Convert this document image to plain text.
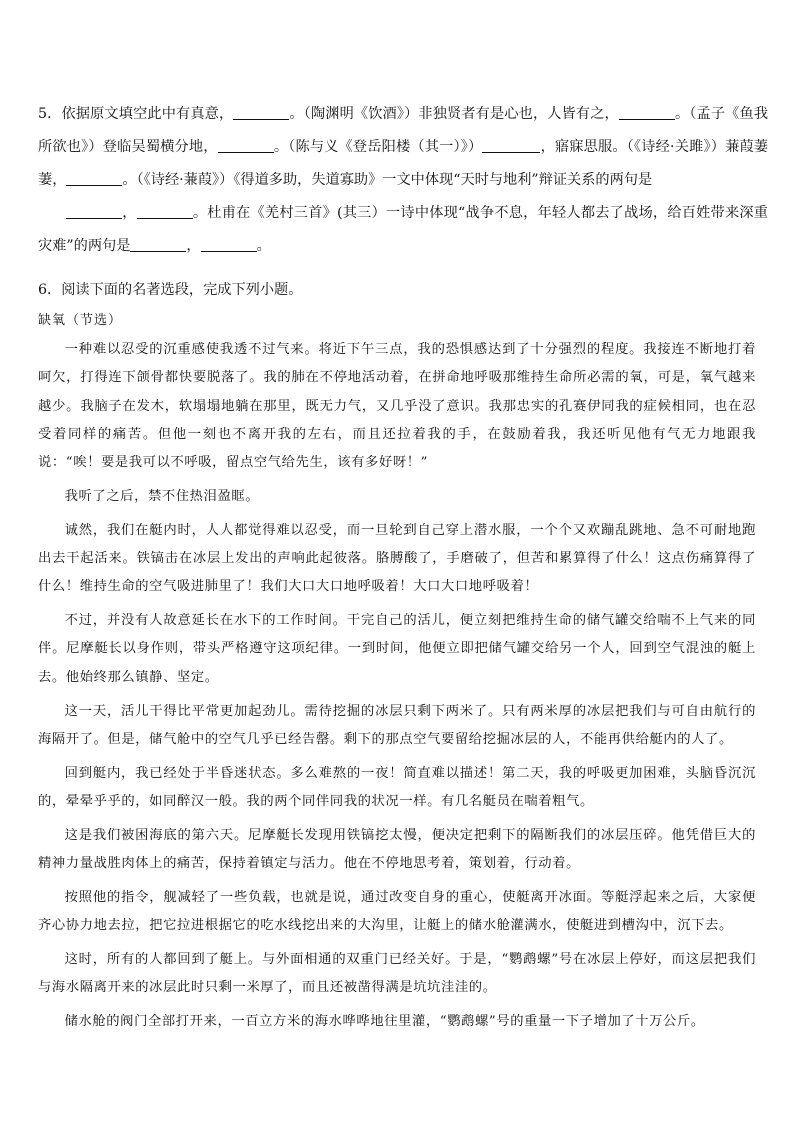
5．依据原文填空此中有真意，	。（陶渊明《饮酒》）非独贤者有是心也，人皆有之，	。（孟子《鱼我所欲也》）登临吴蜀横分地，	。（陈与义《登岳阳楼（其一）》）	，寤寐思服。（《诗经·关雎》）蒹葭萋萋，	。（《诗经·蒹葭》）《得道多助，失道寡助》一文中体现“天时与地利”辩证关系的两句是
，	。杜甫在《羌村三首》(其三）一诗中体现“战争不息，年轻人都去了战场，给百姓带来深重灾难”的两句是	，	。
6．阅读下面的名著选段，完成下列小题。
缺氧（节选）

一种难以忍受的沉重感使我透不过气来。将近下午三点，我的恐惧感达到了十分强烈的程度。我接连不断地打着呵欠，打得连下颌骨都快要脱落了。我的肺在不停地活动着，在拼命地呼吸那维持生命所必需的氧，可是，氧气越来越少。我脑子在发木，软塌塌地躺在那里，既无力气，又几乎没了意识。我那忠实的孔赛伊同我的症候相同，也在忍受着同样的痛苦。但他一刻也不离开我的左右，而且还拉着我的手，在鼓励着我，我还听见他有气无力地跟我说：“唉！要是我可以不呼吸，留点空气给先生，该有多好呀！”

我听了之后，禁不住热泪盈眶。

诚然，我们在艇内时，人人都觉得难以忍受，而一旦轮到自己穿上潜水服，一个个又欢蹦乱跳地、急不可耐地跑出去干起活来。铁镐击在冰层上发出的声响此起彼落。胳膊酸了，手磨破了，但苦和累算得了什么！这点伤痛算得了什么！维持生命的空气吸进肺里了！我们大口大口地呼吸着！大口大口地呼吸着！

不过，并没有人故意延长在水下的工作时间。干完自己的活儿，便立刻把维持生命的储气罐交给喘不上气来的同伴。尼摩艇长以身作则，带头严格遵守这项纪律。一到时间，他便立即把储气罐交给另一个人，回到空气混浊的艇上去。他始终那么镇静、坚定。

这一天，活儿干得比平常更加起劲儿。需待挖掘的冰层只剩下两米了。只有两米厚的冰层把我们与可自由航行的海隔开了。但是，储气舱中的空气几乎已经告罄。剩下的那点空气要留给挖掘冰层的人，不能再供给艇内的人了。

回到艇内，我已经处于半昏迷状态。多么难熬的一夜！简直难以描述！第二天，我的呼吸更加困难，头脑昏沉沉的，晕晕乎乎的，如同醉汉一般。我的两个同伴同我的状况一样。有几名艇员在喘着粗气。

这是我们被困海底的第六天。尼摩艇长发现用铁镐挖太慢，便决定把剩下的隔断我们的冰层压碎。他凭借巨大的精神力量战胜肉体上的痛苦，保持着镇定与活力。他在不停地思考着，策划着，行动着。

按照他的指令，舰减轻了一些负载，也就是说，通过改变自身的重心，使艇离开冰面。等艇浮起来之后，大家便齐心协力地去拉，把它拉进根据它的吃水线挖出来的大沟里，让艇上的储水舱灌满水，使艇进到槽沟中，沉下去。

这时，所有的人都回到了艇上。与外面相通的双重门已经关好。于是，“鹦鹉螺”号在冰层上停好，而这层把我们与海水隔离开来的冰层此时只剩一米厚了，而且还被凿得满是坑坑洼洼的。

储水舱的阀门全部打开来，一百立方米的海水哗哗地往里灌，“鹦鹉螺”号的重量一下子增加了十万公斤。
